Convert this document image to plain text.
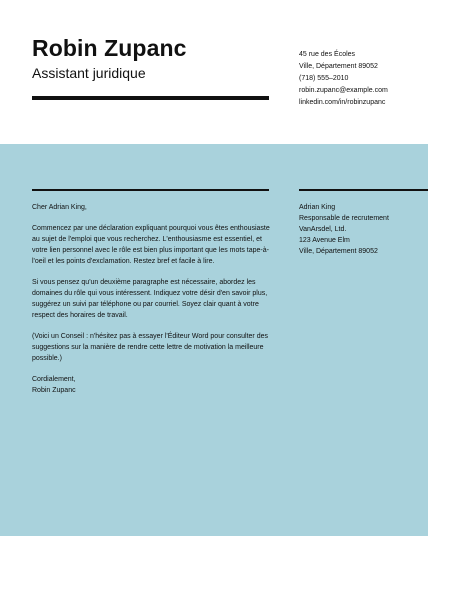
Robin Zupanc
Assistant juridique
45 rue des Écoles
Ville, Département 89052
(718) 555–2010
robin.zupanc@example.com
linkedin.com/in/robinzupanc

Cher Adrian King,

Commencez par une déclaration expliquant pourquoi vous êtes enthousiaste au sujet de l'emploi que vous recherchez. L'enthousiasme est essentiel, et votre lien personnel avec le rôle est bien plus important que les mots tape-à-l'oeil et les points d'exclamation. Restez bref et facile à lire.

Si vous pensez qu'un deuxième paragraphe est nécessaire, abordez les domaines du rôle qui vous intéressent. Indiquez votre désir d'en savoir plus, suggérez un suivi par téléphone ou par courriel. Soyez clair quant à votre respect des horaires de travail.

(Voici un Conseil : n'hésitez pas à essayer l'Éditeur Word pour consulter des suggestions sur la manière de rendre cette lettre de motivation la meilleure possible.)

Cordialement,
Robin Zupanc

Adrian King
Responsable de recrutement
VanArsdel, Ltd.
123 Avenue Elm
Ville, Département 89052
